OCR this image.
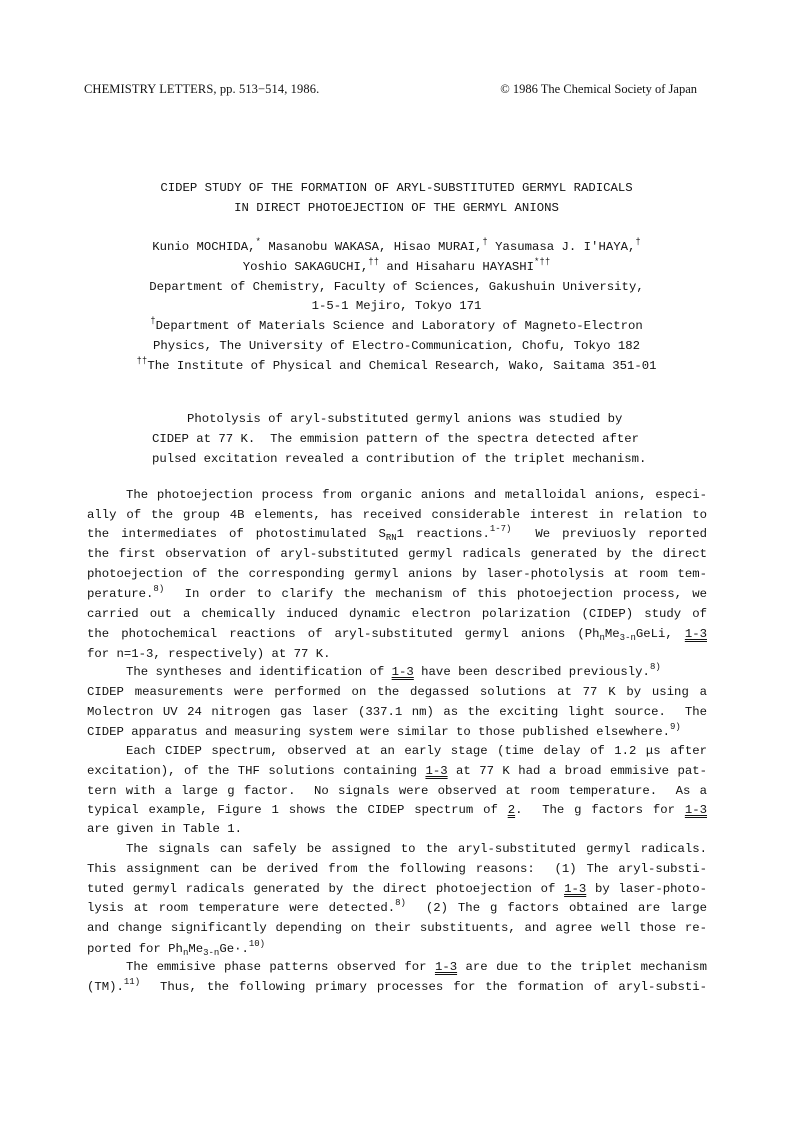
CHEMISTRY LETTERS, pp. 513−514, 1986.	© 1986 The Chemical Society of Japan
CIDEP STUDY OF THE FORMATION OF ARYL-SUBSTITUTED GERMYL RADICALS
IN DIRECT PHOTOEJECTION OF THE GERMYL ANIONS
Kunio MOCHIDA,* Masanobu WAKASA, Hisao MURAI,† Yasumasa J. I'HAYA,†
Yoshio SAKAGUCHI,†† and Hisaharu HAYASHI*††
Department of Chemistry, Faculty of Sciences, Gakushuin University,
1-5-1 Mejiro, Tokyo 171
†Department of Materials Science and Laboratory of Magneto-Electron
Physics, The University of Electro-Communication, Chofu, Tokyo 182
††The Institute of Physical and Chemical Research, Wako, Saitama 351-01
Photolysis of aryl-substituted germyl anions was studied by
CIDEP at 77 K.  The emmision pattern of the spectra detected after
pulsed excitation revealed a contribution of the triplet mechanism.
The photoejection process from organic anions and metalloidal anions, especi-
ally of the group 4B elements, has received considerable interest in relation to
the intermediates of photostimulated $S_{RN}1$ reactions.$^{1-7)}$  We previuosly reported
the first observation of aryl-substituted germyl radicals generated by the direct
photoejection of the corresponding germyl anions by laser-photolysis at room tem-
perature.$^{8)}$  In order to clarify the mechanism of this photoejection process, we
carried out a chemically induced dynamic electron polarization (CIDEP) study of
the photochemical reactions of aryl-substituted germyl anions ($Ph_nMe_{3-n}GeLi$, 1-3
for n=1-3, respectively) at 77 K.
The syntheses and identification of 1-3 have been described previously.$^{8)}$
CIDEP measurements were performed on the degassed solutions at 77 K by using a
Molectron UV 24 nitrogen gas laser (337.1 nm) as the exciting light source.  The
CIDEP apparatus and measuring system were similar to those published elsewhere.$^{9)}$
Each CIDEP spectrum, observed at an early stage (time delay of 1.2 μs after
excitation), of the THF solutions containing 1-3 at 77 K had a broad emmisive pat-
tern with a large g factor.  No signals were observed at room temperature.  As a
typical example, Figure 1 shows the CIDEP spectrum of 2.  The g factors for 1-3
are given in Table 1.
The signals can safely be assigned to the aryl-substituted germyl radicals.
This assignment can be derived from the following reasons:  (1) The aryl-substi-
tuted germyl radicals generated by the direct photoejection of 1-3 by laser-photo-
lysis at room temperature were detected.$^{8)}$  (2) The g factors obtained are large
and change significantly depending on their substituents, and agree well those re-
ported for $Ph_nMe_{3-n}Ge\cdot.^{10)}$
The emmisive phase patterns observed for 1-3 are due to the triplet mechanism
(TM).$^{11)}$  Thus, the following primary processes for the formation of aryl-substi-
